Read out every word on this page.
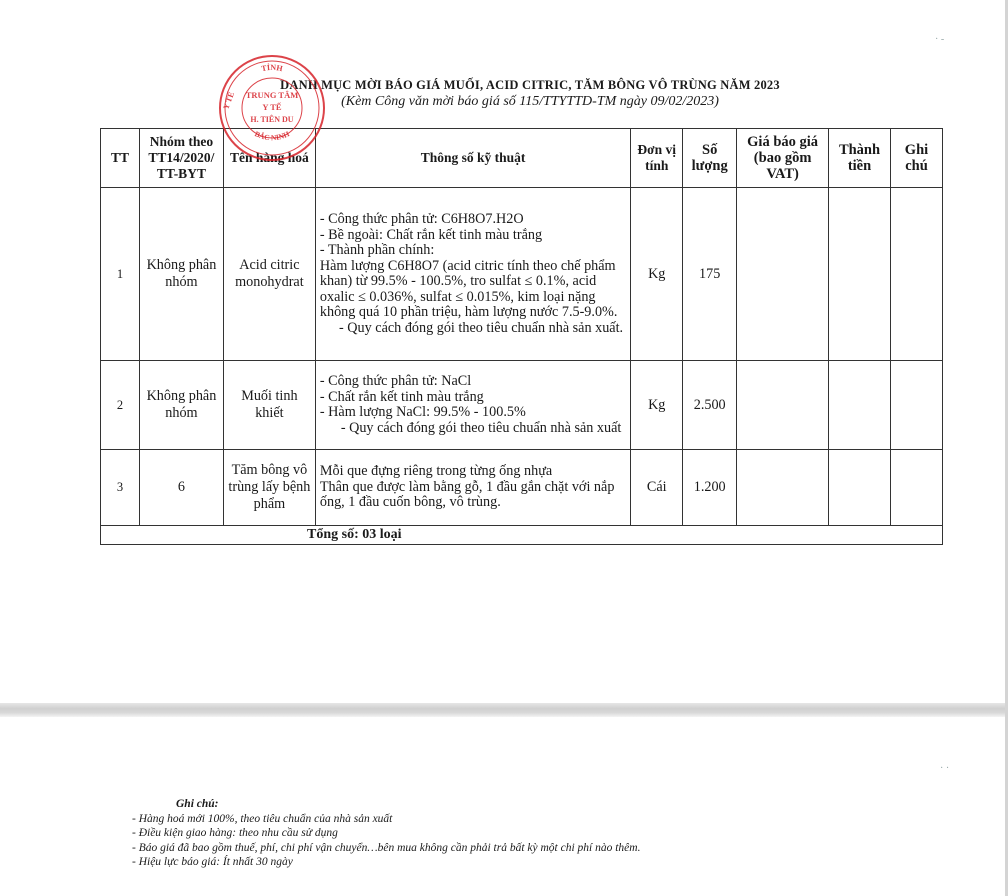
DANH MỤC MỜI BÁO GIÁ MUỐI, ACID CITRIC, TĂM BÔNG VÔ TRÙNG NĂM 2023
(Kèm Công văn mời báo giá số 115/TTYTTD-TM ngày 09/02/2023)
TT	Nhóm theo TT14/2020/ TT-BYT	Tên hàng hoá	Thông số kỹ thuật	Đơn vị tính	Số lượng	Giá báo giá (bao gồm VAT)	Thành tiền	Ghi chú
1	Không phân nhóm	Acid citric monohydrat	- Công thức phân tử: C6H8O7.H2O
- Bề ngoài: Chất rắn kết tinh màu trắng
- Thành phần chính:
Hàm lượng C6H8O7 (acid citric tính theo chế phẩm khan) từ 99.5% - 100.5%, tro sulfat ≤ 0.1%, acid oxalic ≤ 0.036%, sulfat ≤ 0.015%, kim loại nặng không quá 10 phần triệu, hàm lượng nước 7.5-9.0%.
- Quy cách đóng gói theo tiêu chuẩn nhà sản xuất.	Kg	175			
2	Không phân nhóm	Muối tinh khiết	- Công thức phân tử: NaCl
- Chất rắn kết tinh màu trắng
- Hàm lượng NaCl: 99.5% - 100.5%
- Quy cách đóng gói theo tiêu chuẩn nhà sản xuất	Kg	2.500			
3	6	Tăm bông vô trùng lấy bệnh phẩm	Mỗi que đựng riêng trong từng ống nhựa
Thân que được làm bằng gỗ, 1 đầu gắn chặt với nắp ống, 1 đầu cuốn bông, vô trùng.	Cái	1.200			
Tổng số: 03 loại								
TỈNH
Y TẾ TRUNG TÂM
Y TẾ
H. TIÊN DU
BẮC NINH
· -
· ·
Ghi chú:
- Hàng hoá mới 100%, theo tiêu chuẩn của nhà sản xuất
- Điều kiện giao hàng: theo nhu cầu sử dụng
- Báo giá đã bao gồm thuế, phí, chi phí vận chuyển…bên mua không cần phải trả bất kỳ một chi phí nào thêm.
- Hiệu lực báo giá: Ít nhất 30 ngày
